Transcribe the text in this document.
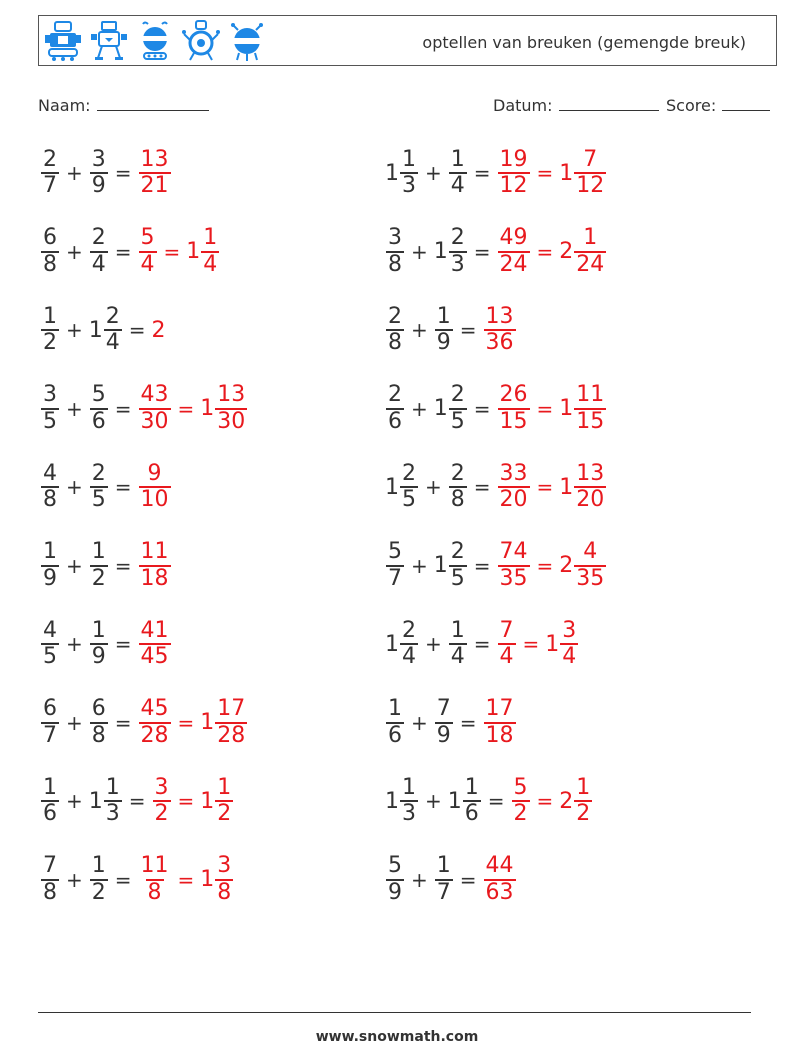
optellen van breuken (gemengde breuk)
Naam:	Datum:	Score:
$\frac{2}{7} + \frac{3}{9} = \frac{13}{21}$	$1 \frac{1}{3} + \frac{1}{4} = \frac{19}{12} = 1 \frac{7}{12}$
$\frac{6}{8} + \frac{2}{4} = \frac{5}{4} = 1 \frac{1}{4}$	$\frac{3}{8} + 1 \frac{2}{3} = \frac{49}{24} = 2 \frac{1}{24}$
$\frac{1}{2} + 1 \frac{2}{4} = 2$	$\frac{2}{8} + \frac{1}{9} = \frac{13}{36}$
$\frac{3}{5} + \frac{5}{6} = \frac{43}{30} = 1 \frac{13}{30}$	$\frac{2}{6} + 1 \frac{2}{5} = \frac{26}{15} = 1 \frac{11}{15}$
$\frac{4}{8} + \frac{2}{5} = \frac{9}{10}$	$1 \frac{2}{5} + \frac{2}{8} = \frac{33}{20} = 1 \frac{13}{20}$
$\frac{1}{9} + \frac{1}{2} = \frac{11}{18}$	$\frac{5}{7} + 1 \frac{2}{5} = \frac{74}{35} = 2 \frac{4}{35}$
$\frac{4}{5} + \frac{1}{9} = \frac{41}{45}$	$1 \frac{2}{4} + \frac{1}{4} = \frac{7}{4} = 1 \frac{3}{4}$
$\frac{6}{7} + \frac{6}{8} = \frac{45}{28} = 1 \frac{17}{28}$	$\frac{1}{6} + \frac{7}{9} = \frac{17}{18}$
$\frac{1}{6} + 1 \frac{1}{3} = \frac{3}{2} = 1 \frac{1}{2}$	$1 \frac{1}{3} + 1 \frac{1}{6} = \frac{5}{2} = 2 \frac{1}{2}$
$\frac{7}{8} + \frac{1}{2} = \frac{11}{8} = 1 \frac{3}{8}$	$\frac{5}{9} + \frac{1}{7} = \frac{44}{63}$
www.snowmath.com
